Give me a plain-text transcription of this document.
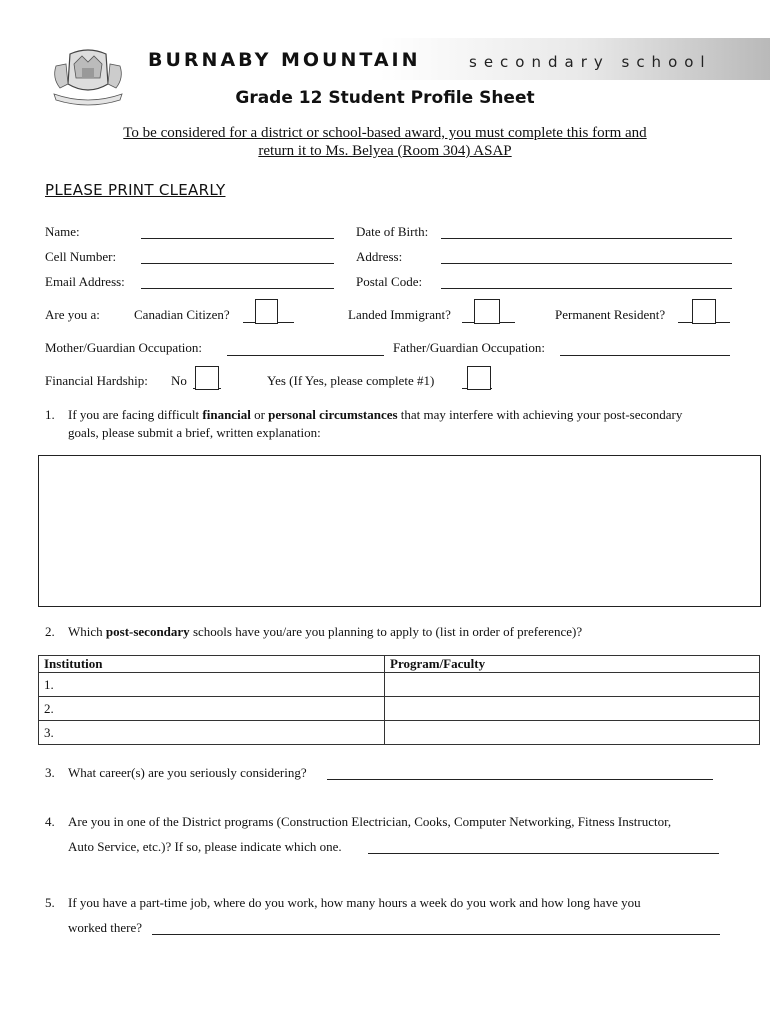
BURNABY MOUNTAIN	secondary school
Grade 12 Student Profile Sheet
To be considered for a district or school-based award, you must complete this form and
return it to Ms. Belyea (Room 304) ASAP
PLEASE PRINT CLEARLY
Name:	Date of Birth:
Cell Number:	Address:
Email Address:	Postal Code:
Are you a:	Canadian Citizen?	Landed Immigrant?	Permanent Resident?
Mother/Guardian Occupation:	Father/Guardian Occupation:
Financial Hardship: No	Yes (If Yes, please complete #1)
1. If you are facing difficult financial or personal circumstances that may interfere with achieving your post-secondary
goals, please submit a brief, written explanation:
2. Which post-secondary schools have you/are you planning to apply to (list in order of preference)?
Institution	Program/Faculty
1.	
2.	
3.	
3. What career(s) are you seriously considering?
4. Are you in one of the District programs (Construction Electrician, Cooks, Computer Networking, Fitness Instructor,
Auto Service, etc.)? If so, please indicate which one.
5. If you have a part-time job, where do you work, how many hours a week do you work and how long have you
worked there?
